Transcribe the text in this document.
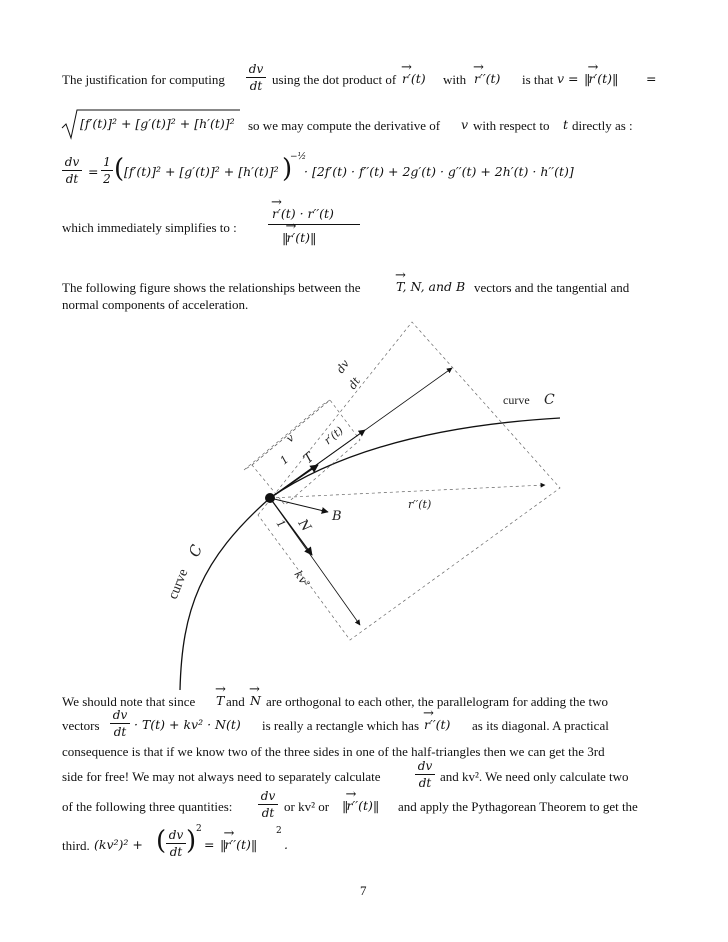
The justification for computing
dv
dt using the dot product of → r′(t) with → r′′(t) is that v = ||→ r′(t)|| =
[f′(t)]² + [g′(t)]² + [h′(t)]² so we may compute the derivative of v with respect to t directly as :
dv
dt =
1
2 ( [f′(t)]² + [g′(t)]² + [h′(t)]² )
−½
· [2f′(t) · f′′(t) + 2g′(t) · g′′(t) + 2h′(t) · h′′(t)]
which immediately simplifies to :
→ r′(t) · r′′(t)
||→ r′(t)||
The following figure shows the relationships between the	→ T, N, and B vectors and the tangential and
normal components of acceleration.
dv
dt
curve C
v
1 T
r′(t)
B
r′′(t)
N
1
kv²
curve
C
We should note that since → T and → N are orthogonal to each other, the parallelogram for adding the two
vectors
dv
dt · T(t) + kv² · N(t) is really a rectangle which has → r′′(t) as its diagonal. A practical
consequence is that if we know two of the three sides in one of the half-triangles then we can get the 3rd
side for free! We may not always need to separately calculate
dv
dt and kv². We need only calculate two
of the following three quantities:
dv
dt or kv² or ||→ r′′(t)|| and apply the Pythagorean Theorem to get the
third. (kv²)² + ( dv
dt ) 2
= ||→ r′′(t)||
2
.
7
